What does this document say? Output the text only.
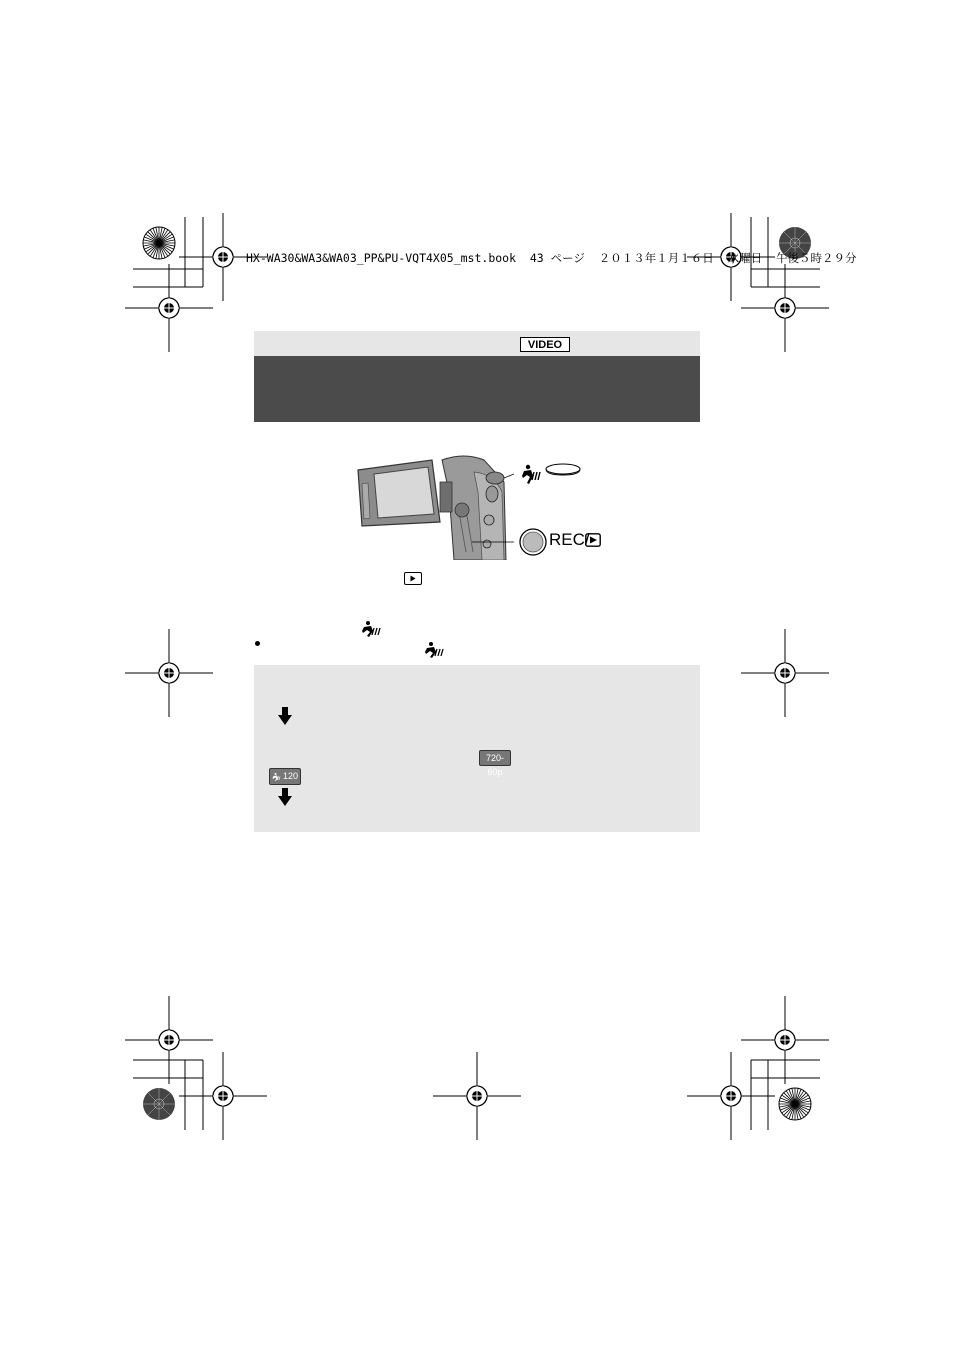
HX-WA30&WA3&WA03_PP&PU-VQT4X05_mst.book  43 ページ  ２０１３年１月１６日  水曜日  午後５時２９分
VIDEO
REC/
720-60p
120
